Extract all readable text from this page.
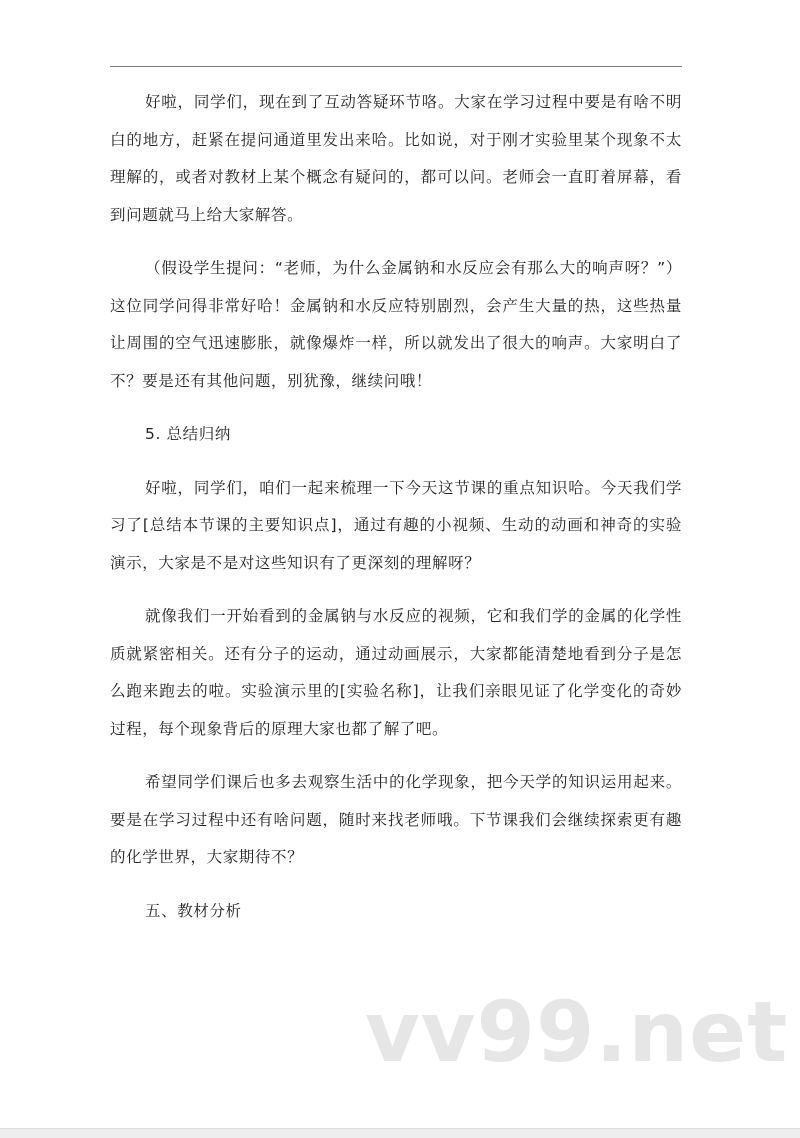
好啦，同学们，现在到了互动答疑环节咯。大家在学习过程中要是有啥不明白的地方，赶紧在提问通道里发出来哈。比如说，对于刚才实验里某个现象不太理解的，或者对教材上某个概念有疑问的，都可以问。老师会一直盯着屏幕，看到问题就马上给大家解答。

（假设学生提问：“老师，为什么金属钠和水反应会有那么大的响声呀？”）这位同学问得非常好哈！金属钠和水反应特别剧烈，会产生大量的热，这些热量让周围的空气迅速膨胀，就像爆炸一样，所以就发出了很大的响声。大家明白了不？要是还有其他问题，别犹豫，继续问哦！

5. 总结归纳

好啦，同学们，咱们一起来梳理一下今天这节课的重点知识哈。今天我们学习了[总结本节课的主要知识点]，通过有趣的小视频、生动的动画和神奇的实验演示，大家是不是对这些知识有了更深刻的理解呀？

就像我们一开始看到的金属钠与水反应的视频，它和我们学的金属的化学性质就紧密相关。还有分子的运动，通过动画展示，大家都能清楚地看到分子是怎么跑来跑去的啦。实验演示里的[实验名称]，让我们亲眼见证了化学变化的奇妙过程，每个现象背后的原理大家也都了解了吧。

希望同学们课后也多去观察生活中的化学现象，把今天学的知识运用起来。要是在学习过程中还有啥问题，随时来找老师哦。下节课我们会继续探索更有趣的化学世界，大家期待不？

五、教材分析
vv99.net
